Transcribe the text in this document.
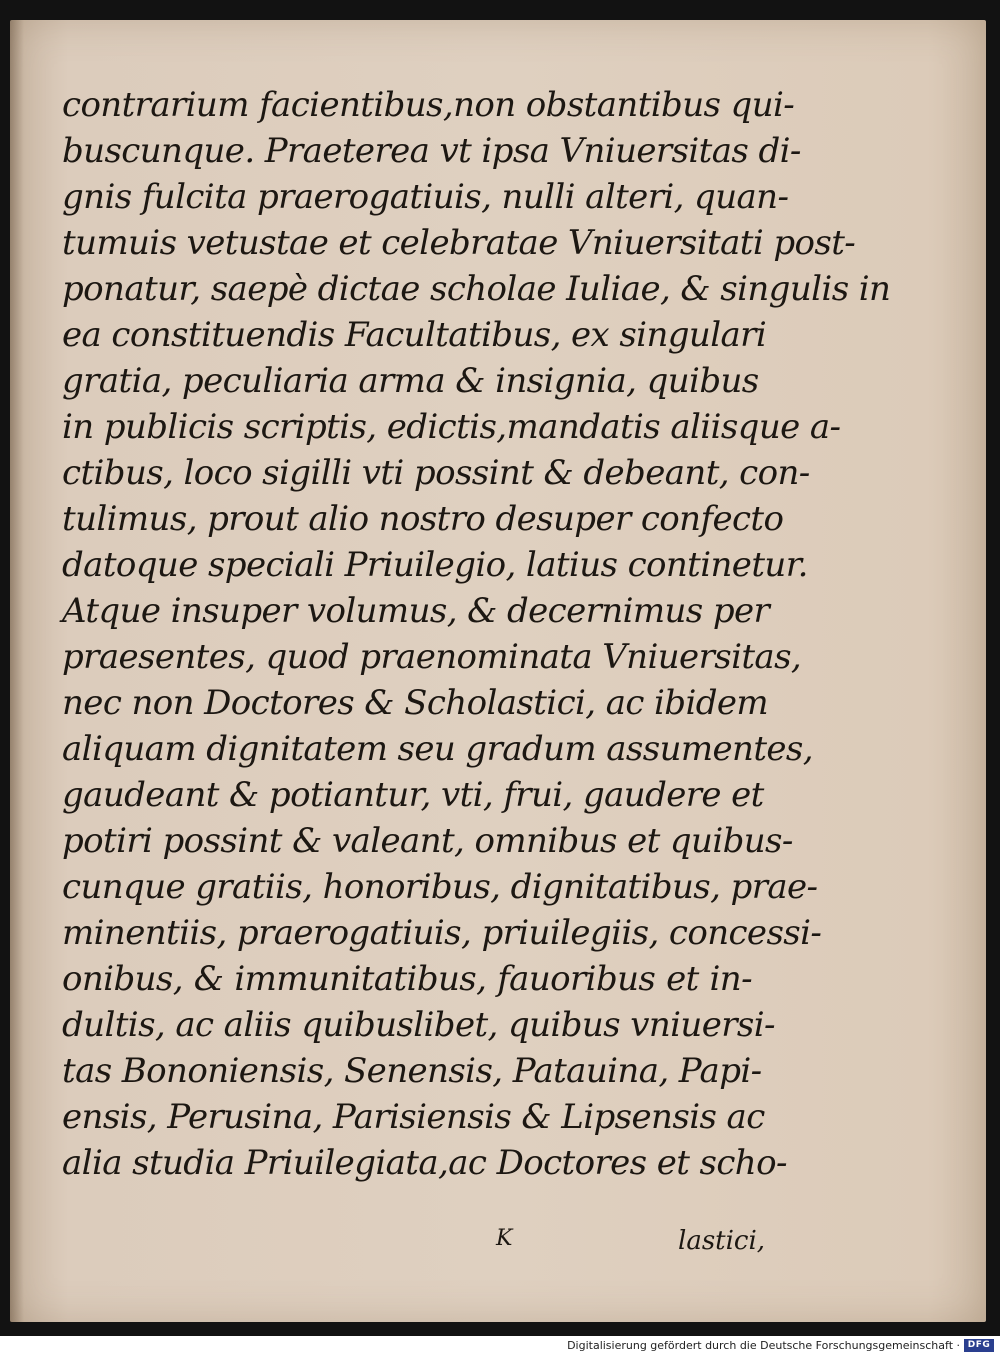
contrarium facientibus,non obstantibus qui-
buscunque. Praeterea vt ipsa Vniuersitas di-
gnis fulcita praerogatiuis, nulli alteri, quan-
tumuis vetustae et celebratae Vniuersitati post-
ponatur, saepè dictae scholae Iuliae, & singulis in
ea constituendis Facultatibus, ex singulari
gratia, peculiaria arma & insignia, quibus
in publicis scriptis, edictis,mandatis aliisque a-
ctibus, loco sigilli vti possint & debeant, con-
tulimus, prout alio nostro desuper confecto
datoque speciali Priuilegio, latius continetur.
Atque insuper volumus, & decernimus per
praesentes, quod praenominata Vniuersitas,
nec non Doctores & Scholastici, ac ibidem
aliquam dignitatem seu gradum assumentes,
gaudeant & potiantur, vti, frui, gaudere et
potiri possint & valeant, omnibus et quibus-
cunque gratiis, honoribus, dignitatibus, prae-
minentiis, praerogatiuis, priuilegiis, concessi-
onibus, & immunitatibus, fauoribus et in-
dultis, ac aliis quibuslibet, quibus vniuersi-
tas Bononiensis, Senensis, Patauina, Papi-
ensis, Perusina, Parisiensis & Lipsensis ac
alia studia Priuilegiata,ac Doctores et scho-
K	lastici,
Digitalisierung gefördert durch die Deutsche Forschungsgemeinschaft · DFG
